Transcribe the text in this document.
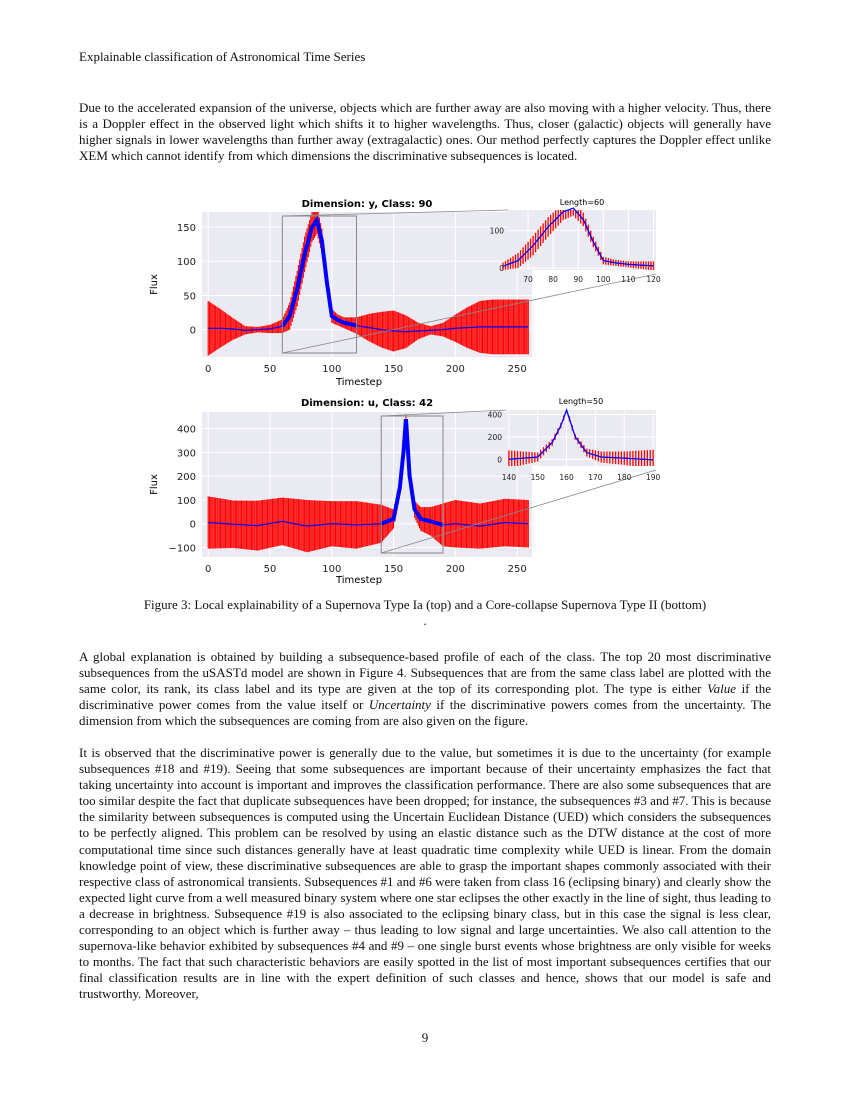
Explainable classification of Astronomical Time Series

Due to the accelerated expansion of the universe, objects which are further away are also moving with a higher velocity. Thus, there is a Doppler effect in the observed light which shifts it to higher wavelengths. Thus, closer (galactic) objects will generally have higher signals in lower wavelengths than further away (extragalactic) ones. Our method perfectly captures the Doppler effect unlike XEM which cannot identify from which dimensions the discriminative subsequences is located.

Dimension: y, Class: 90
0	50	100	150	200	250
0
50
100
150
Timestep
Flux
Length=60
70 80 90 100 110 120
0
100
Dimension: u, Class: 42
0	50	100	150	200	250
−100
0
100
200
300
400
Timestep
Flux
Length=50
140 150 160 170 180 190
0
200
400
Figure 3: Local explainability of a Supernova Type Ia (top) and a Core-collapse Supernova Type II (bottom)
.

A global explanation is obtained by building a subsequence-based profile of each of the class. The top 20 most discriminative subsequences from the uSASTd model are shown in Figure 4. Subsequences that are from the same class label are plotted with the same color, its rank, its class label and its type are given at the top of its corresponding plot. The type is either Value if the discriminative power comes from the value itself or Uncertainty if the discriminative powers comes from the uncertainty. The dimension from which the subsequences are coming from are also given on the figure.

It is observed that the discriminative power is generally due to the value, but sometimes it is due to the uncertainty (for example subsequences #18 and #19). Seeing that some subsequences are important because of their uncertainty emphasizes the fact that taking uncertainty into account is important and improves the classification performance. There are also some subsequences that are too similar despite the fact that duplicate subsequences have been dropped; for instance, the subsequences #3 and #7. This is because the similarity between subsequences is computed using the Uncertain Euclidean Distance (UED) which considers the subsequences to be perfectly aligned. This problem can be resolved by using an elastic distance such as the DTW distance at the cost of more computational time since such distances generally have at least quadratic time complexity while UED is linear. From the domain knowledge point of view, these discriminative subsequences are able to grasp the important shapes commonly associated with their respective class of astronomical transients. Subsequences #1 and #6 were taken from class 16 (eclipsing binary) and clearly show the expected light curve from a well measured binary system where one star eclipses the other exactly in the line of sight, thus leading to a decrease in brightness. Subsequence #19 is also associated to the eclipsing binary class, but in this case the signal is less clear, corresponding to an object which is further away – thus leading to low signal and large uncertainties. We also call attention to the supernova-like behavior exhibited by subsequences #4 and #9 – one single burst events whose brightness are only visible for weeks to months. The fact that such characteristic behaviors are easily spotted in the list of most important subsequences certifies that our final classification results are in line with the expert definition of such classes and hence, shows that our model is safe and trustworthy. Moreover,

9
